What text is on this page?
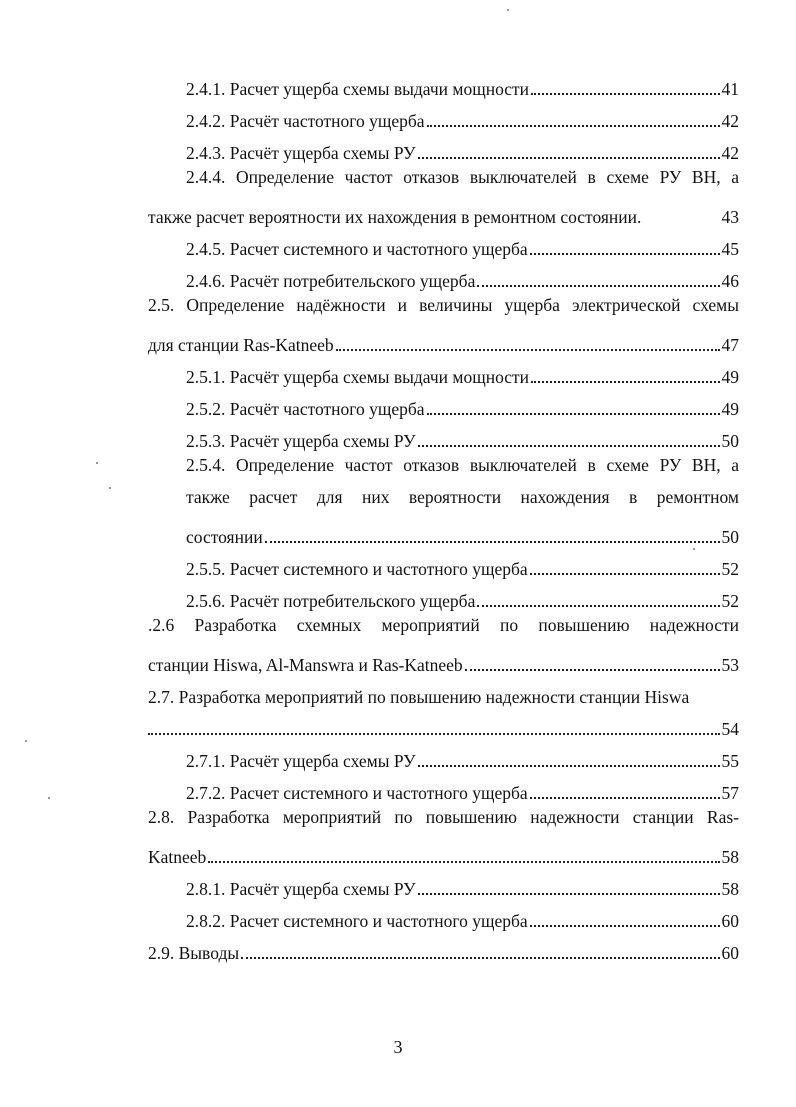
2.4.1. Расчет ущерба схемы выдачи мощности	41
2.4.2. Расчёт частотного ущерба	42
2.4.3. Расчёт ущерба схемы РУ	42
2.4.4. Определение частот отказов выключателей в схеме РУ ВН, а
также расчет вероятности их нахождения в ремонтном состоянии.	43
2.4.5. Расчет системного и частотного ущерба	45
2.4.6. Расчёт потребительского ущерба	46
2.5. Определение надёжности и величины ущерба электрической схемы
для станции Ras-Katneeb	47
2.5.1. Расчёт ущерба схемы выдачи мощности	49
2.5.2. Расчёт частотного ущерба	49
2.5.3. Расчёт ущерба схемы РУ	50
2.5.4. Определение частот отказов выключателей в схеме РУ ВН, а
также расчет для них вероятности нахождения в ремонтном
состоянии	50
2.5.5. Расчет системного и частотного ущерба	52
2.5.6. Расчёт потребительского ущерба	52
.2.6 Разработка схемных мероприятий по повышению надежности
станции Hiswa, Al-Manswra и Ras-Katneeb	53
2.7. Разработка мероприятий по повышению надежности станции Hiswa
54
2.7.1. Расчёт ущерба схемы РУ	55
2.7.2. Расчет системного и частотного ущерба	57
2.8. Разработка мероприятий по повышению надежности станции Ras-
Katneeb	58
2.8.1. Расчёт ущерба схемы РУ	58
2.8.2. Расчет системного и частотного ущерба	60
2.9. Выводы	60
3
